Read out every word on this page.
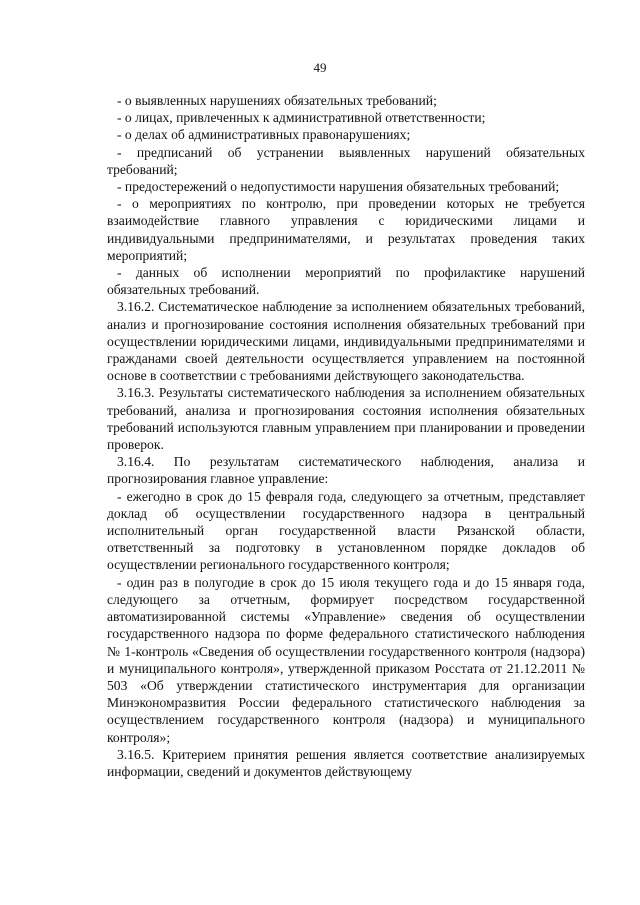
49

- о выявленных нарушениях обязательных требований;

- о лицах, привлеченных к административной ответственности;

- о делах об административных правонарушениях;

- предписаний об устранении выявленных нарушений обязательных требований;

- предостережений о недопустимости нарушения обязательных требований;

- о мероприятиях по контролю, при проведении которых не требуется взаимодействие главного управления с юридическими лицами и индивидуальными предпринимателями, и результатах проведения таких мероприятий;

- данных об исполнении мероприятий по профилактике нарушений обязательных требований.

3.16.2. Систематическое наблюдение за исполнением обязательных требований, анализ и прогнозирование состояния исполнения обязательных требований при осуществлении юридическими лицами, индивидуальными предпринимателями и гражданами своей деятельности осуществляется управлением на постоянной основе в соответствии с требованиями действующего законодательства.

3.16.3. Результаты систематического наблюдения за исполнением обязательных требований, анализа и прогнозирования состояния исполнения обязательных требований используются главным управлением при планировании и проведении проверок.

3.16.4. По результатам систематического наблюдения, анализа и прогнозирования главное управление:

- ежегодно в срок до 15 февраля года, следующего за отчетным, представляет доклад об осуществлении государственного надзора в центральный исполнительный орган государственной власти Рязанской области, ответственный за подготовку в установленном порядке докладов об осуществлении регионального государственного контроля;

- один раз в полугодие в срок до 15 июля текущего года и до 15 января года, следующего за отчетным, формирует посредством государственной автоматизированной системы «Управление» сведения об осуществлении государственного надзора по форме федерального статистического наблюдения № 1-контроль «Сведения об осуществлении государственного контроля (надзора) и муниципального контроля», утвержденной приказом Росстата от 21.12.2011 № 503 «Об утверждении статистического инструментария для организации Минэкономразвития России федерального статистического наблюдения за осуществлением государственного контроля (надзора) и муниципального контроля»;

3.16.5. Критерием принятия решения является соответствие анализируемых информации, сведений и документов действующему
